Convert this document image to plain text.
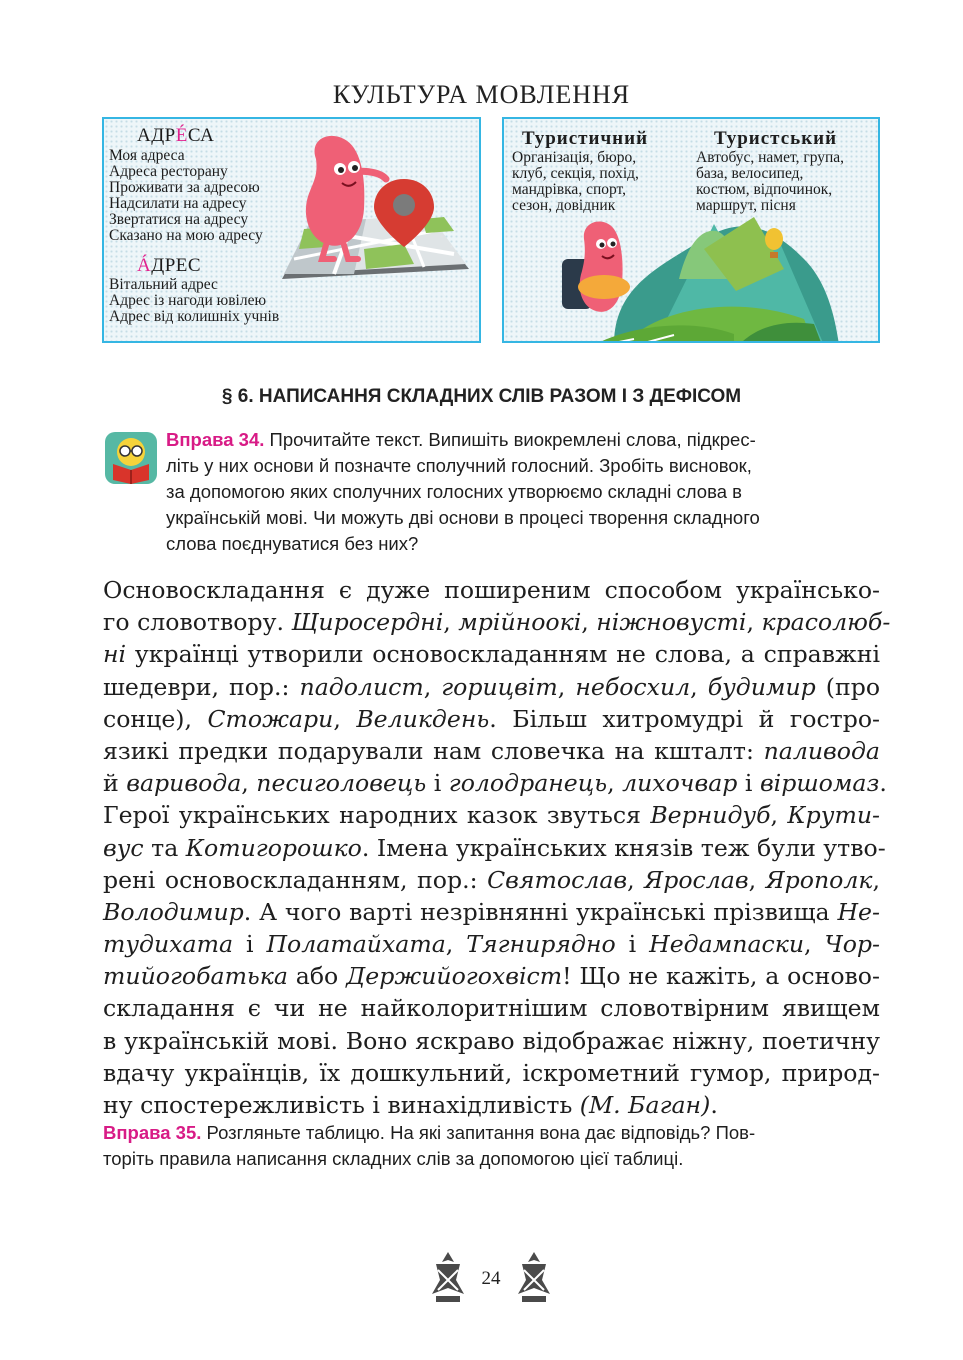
КУЛЬТУРА МОВЛЕННЯ
АДРÉСА
Моя адреса
Адреса ресторану
Проживати за адресою
Надсилати на адресу
Звертатися на адресу
Сказано на мою адресу
ÁДРЕС
Вітальний адрес
Адрес із нагоди ювілею
Адрес від колишніх учнів
Туристичний	Туристський
Організація, бюро,
клуб, секція, похід,
мандрівка, спорт,
сезон, довідник
Автобус, намет, група,
база, велосипед,
костюм, відпочинок,
маршрут, пісня
§ 6. НАПИСАННЯ СКЛАДНИХ СЛІВ РАЗОМ І З ДЕФІСОМ
Вправа 34. Прочитайте текст. Випишіть виокремлені слова, підкрес-
літь у них основи й позначте сполучний голосний. Зробіть висновок,
за допомогою яких сполучних голосних утворюємо складні слова в
українській мові. Чи можуть дві основи в процесі творення складного
слова поєднуватися без них?
Основоскладання є дуже поширеним способом українсько-
го словотвору. Щиросердні, мрійноокі, ніжновусті, красолюб-
ні українці утворили основоскладанням не слова, а справжні
шедеври, пор.: падолист, горицвіт, небосхил, будимир (про
сонце), Стожари, Великдень. Більш хитромудрі й гостро-
язикі предки подарували нам словечка на кшталт: паливода
й варивода, песиголовець і голодранець, лихочвар і віршомаз.
Герої українських народних казок звуться Вернидуб, Крути-
вус та Котигорошко. Імена українських князів теж були утво-
рені основоскладанням, пор.: Святослав, Ярослав, Ярополк,
Володимир. А чого варті незрівнянні українські прізвища Не-
тудихата і Полатайхата, Тягнирядно і Недампаски, Чор-
тийогобатька або Держийогохвіст! Що не кажіть, а осново-
складання є чи не найколоритнішим словотвірним явищем
в українській мові. Воно яскраво відображає ніжну, поетичну
вдачу українців, їх дошкульний, іскрометний гумор, природ-
ну спостережливість і винахідливість (М. Баган).
Вправа 35. Розгляньте таблицю. На які запитання вона дає відповідь? Пов-
торіть правила написання складних слів за допомогою цієї таблиці.
24
